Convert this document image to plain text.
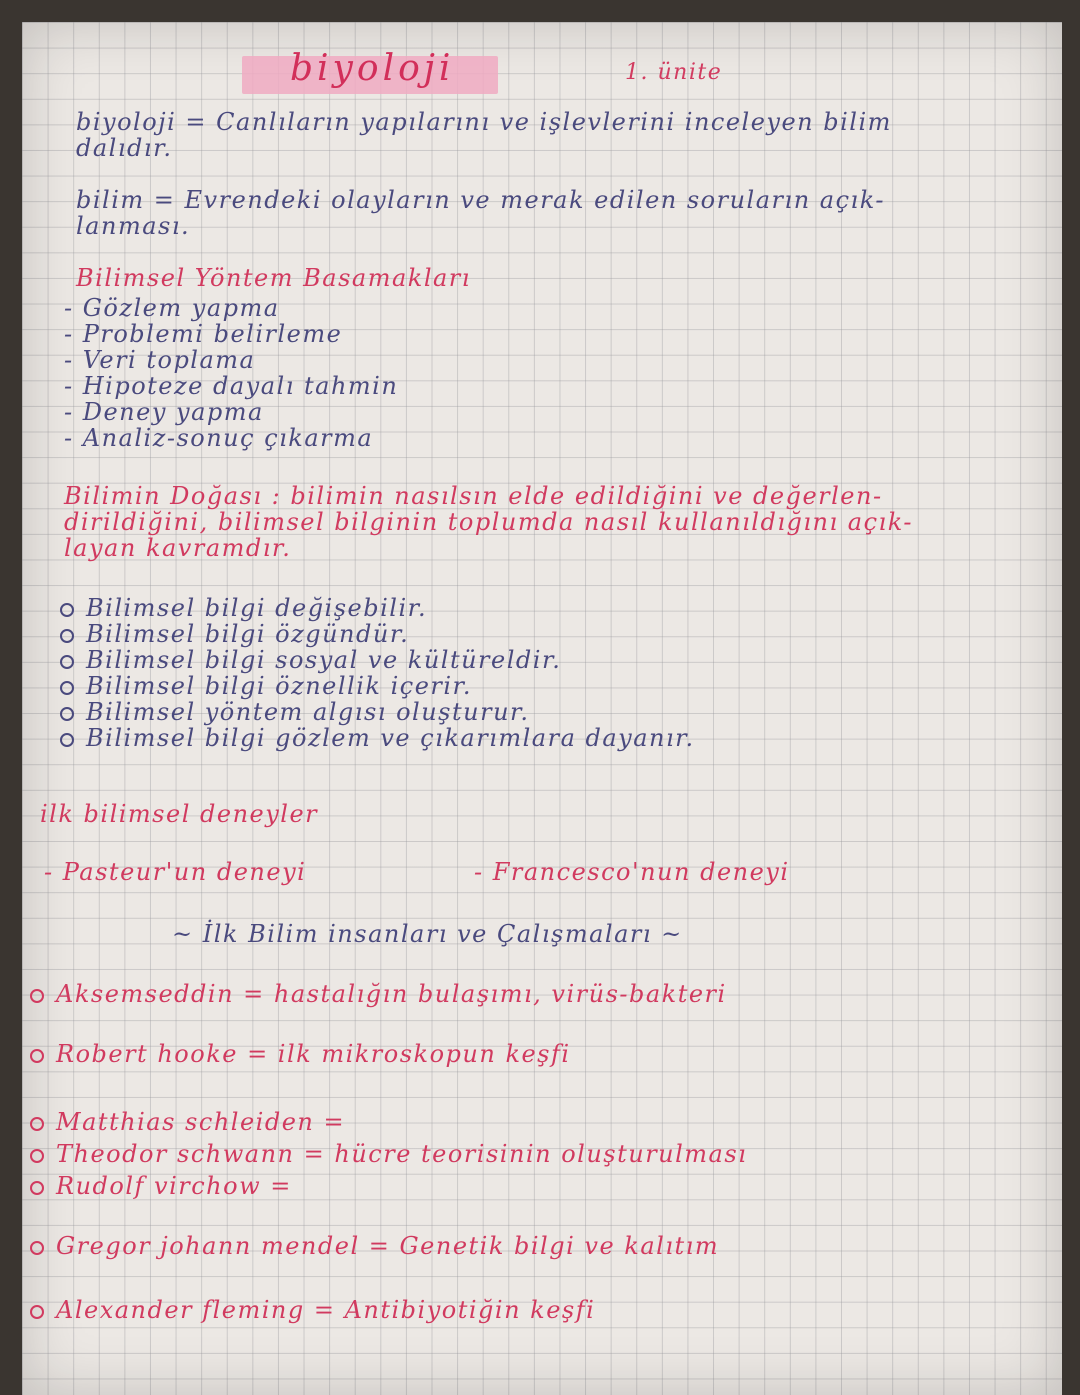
biyoloji	1. ünite
biyoloji = Canlıların yapılarını ve işlevlerini inceleyen bilim
dalıdır.
bilim = Evrendeki olayların ve merak edilen soruların açık-
lanması.
Bilimsel Yöntem Basamakları
- Gözlem yapma
- Problemi belirleme
- Veri toplama
- Hipoteze dayalı tahmin
- Deney yapma
- Analiz-sonuç çıkarma
Bilimin Doğası : bilimin nasılsın elde edildiğini ve değerlen-
dirildiğini, bilimsel bilginin toplumda nasıl kullanıldığını açık-
layan kavramdır.
Bilimsel bilgi değişebilir.
Bilimsel bilgi özgündür.
Bilimsel bilgi sosyal ve kültüreldir.
Bilimsel bilgi öznellik içerir.
Bilimsel yöntem algısı oluşturur.
Bilimsel bilgi gözlem ve çıkarımlara dayanır.
ilk bilimsel deneyler
- Pasteur'un deneyi	- Francesco'nun deneyi
~ İlk Bilim insanları ve Çalışmaları ~
Aksemseddin = hastalığın bulaşımı, virüs-bakteri
Robert hooke = ilk mikroskopun keşfi
Matthias schleiden =
Theodor schwann = hücre teorisinin oluşturulması
Rudolf virchow =
Gregor johann mendel = Genetik bilgi ve kalıtım
Alexander fleming = Antibiyotiğin keşfi
